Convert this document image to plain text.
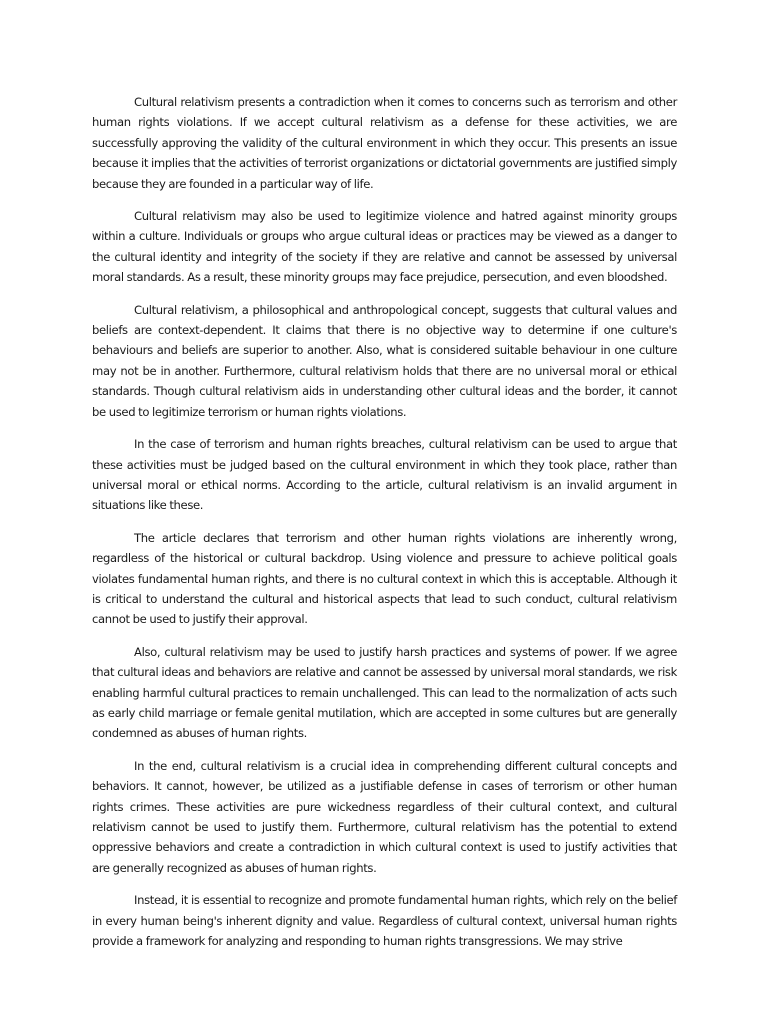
Cultural relativism presents a contradiction when it comes to concerns such as terrorism and other human rights violations. If we accept cultural relativism as a defense for these activities, we are successfully approving the validity of the cultural environment in which they occur. This presents an issue because it implies that the activities of terrorist organizations or dictatorial governments are justified simply because they are founded in a particular way of life.

Cultural relativism may also be used to legitimize violence and hatred against minority groups within a culture. Individuals or groups who argue cultural ideas or practices may be viewed as a danger to the cultural identity and integrity of the society if they are relative and cannot be assessed by universal moral standards. As a result, these minority groups may face prejudice, persecution, and even bloodshed.

Cultural relativism, a philosophical and anthropological concept, suggests that cultural values and beliefs are context-dependent. It claims that there is no objective way to determine if one culture's behaviours and beliefs are superior to another. Also, what is considered suitable behaviour in one culture may not be in another. Furthermore, cultural relativism holds that there are no universal moral or ethical standards. Though cultural relativism aids in understanding other cultural ideas and the border, it cannot be used to legitimize terrorism or human rights violations.

In the case of terrorism and human rights breaches, cultural relativism can be used to argue that these activities must be judged based on the cultural environment in which they took place, rather than universal moral or ethical norms. According to the article, cultural relativism is an invalid argument in situations like these.

The article declares that terrorism and other human rights violations are inherently wrong, regardless of the historical or cultural backdrop. Using violence and pressure to achieve political goals violates fundamental human rights, and there is no cultural context in which this is acceptable. Although it is critical to understand the cultural and historical aspects that lead to such conduct, cultural relativism cannot be used to justify their approval.

Also, cultural relativism may be used to justify harsh practices and systems of power. If we agree that cultural ideas and behaviors are relative and cannot be assessed by universal moral standards, we risk enabling harmful cultural practices to remain unchallenged. This can lead to the normalization of acts such as early child marriage or female genital mutilation, which are accepted in some cultures but are generally condemned as abuses of human rights.

In the end, cultural relativism is a crucial idea in comprehending different cultural concepts and behaviors. It cannot, however, be utilized as a justifiable defense in cases of terrorism or other human rights crimes. These activities are pure wickedness regardless of their cultural context, and cultural relativism cannot be used to justify them. Furthermore, cultural relativism has the potential to extend oppressive behaviors and create a contradiction in which cultural context is used to justify activities that are generally recognized as abuses of human rights.

Instead, it is essential to recognize and promote fundamental human rights, which rely on the belief in every human being's inherent dignity and value. Regardless of cultural context, universal human rights provide a framework for analyzing and responding to human rights transgressions. We may strive
